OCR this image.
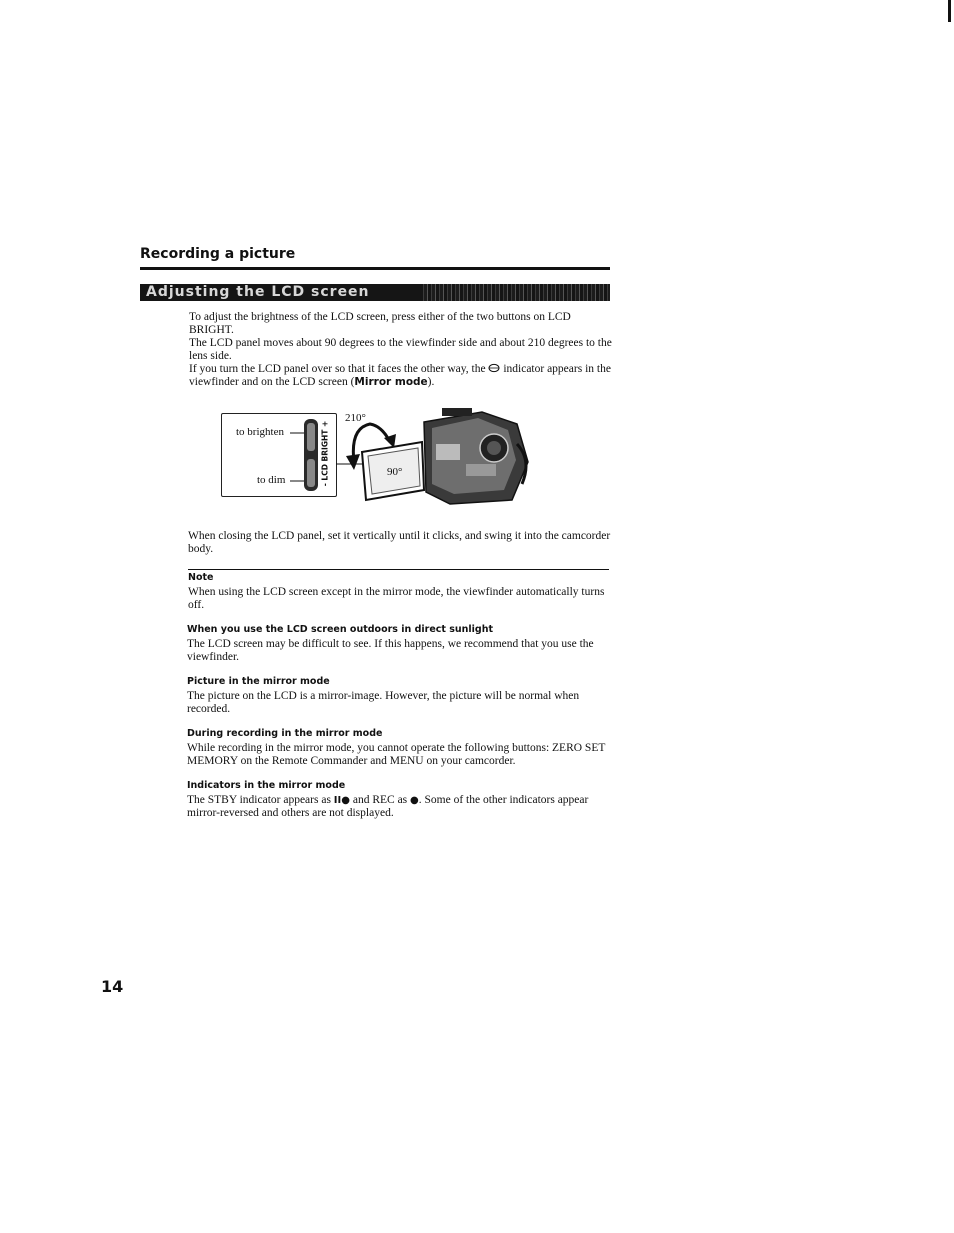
Recording a picture
Adjusting the LCD screen
To adjust the brightness of the LCD screen, press either of the two buttons on LCD BRIGHT.
The LCD panel moves about 90 degrees to the viewfinder side and about 210 degrees to the lens side.
If you turn the LCD panel over so that it faces the other way, the  indicator appears in the viewfinder and on the LCD screen (Mirror mode).
to brighten
to dim	- LCD BRIGHT +
210°
90°
When closing the LCD panel, set it vertically until it clicks, and swing it into the camcorder body.
Note
When using the LCD screen except in the mirror mode, the viewfinder automatically turns off.
When you use the LCD screen outdoors in direct sunlight
The LCD screen may be difficult to see. If this happens, we recommend that you use the viewfinder.
Picture in the mirror mode
The picture on the LCD is a mirror-image. However, the picture will be normal when recorded.
During recording in the mirror mode
While recording in the mirror mode, you cannot operate the following buttons: ZERO SET MEMORY on the Remote Commander and MENU on your camcorder.
Indicators in the mirror mode
The STBY indicator appears as II● and REC as ●. Some of the other indicators appear mirror-reversed and others are not displayed.
14
